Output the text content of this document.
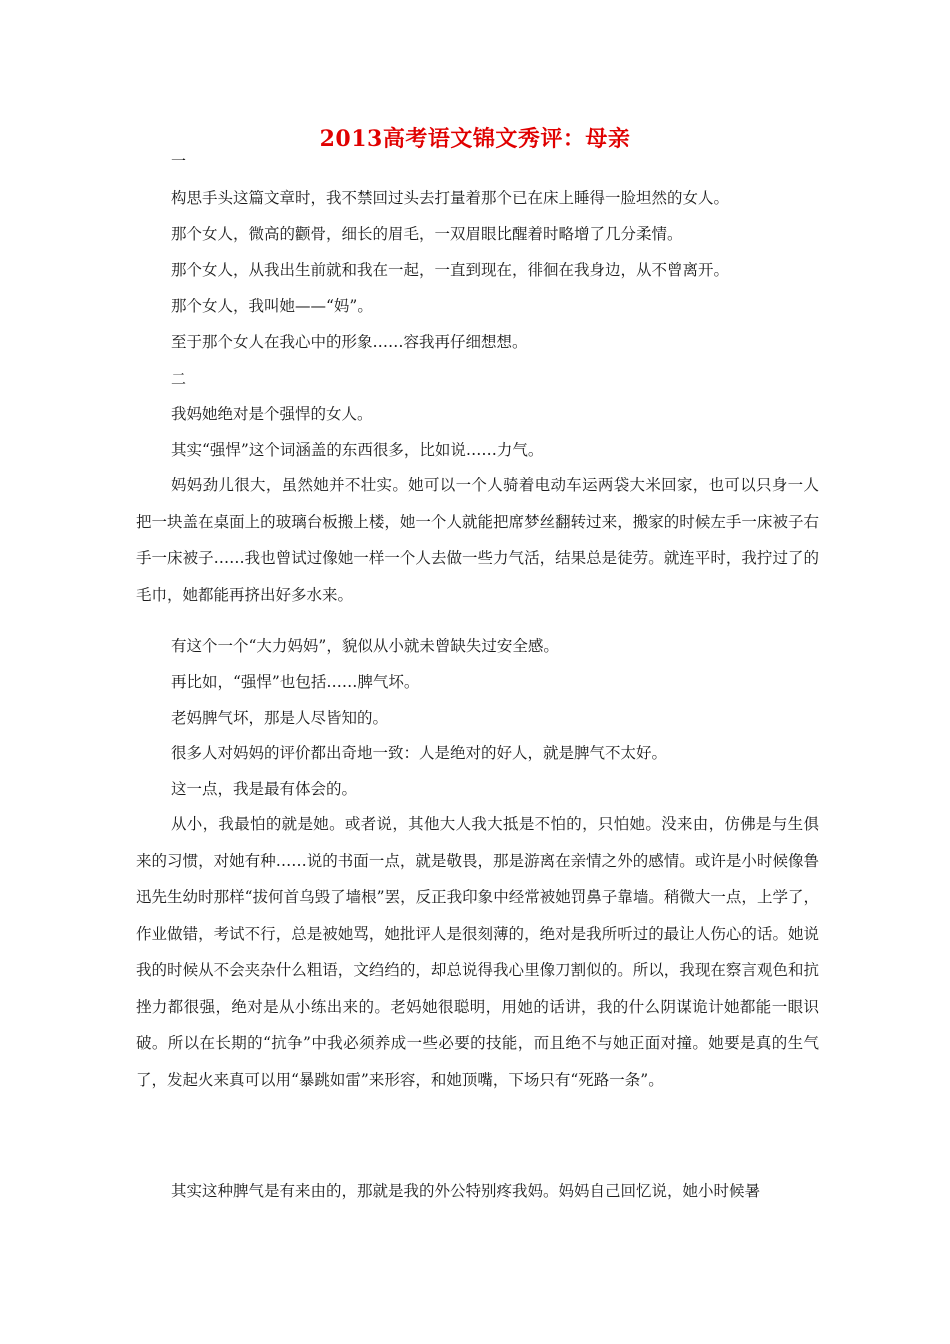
2013高考语文锦文秀评：母亲
一

构思手头这篇文章时，我不禁回过头去打量着那个已在床上睡得一脸坦然的女人。

那个女人，微高的颧骨，细长的眉毛，一双眉眼比醒着时略增了几分柔情。

那个女人，从我出生前就和我在一起，一直到现在，徘徊在我身边，从不曾离开。

那个女人，我叫她——“妈”。

至于那个女人在我心中的形象……容我再仔细想想。

二

我妈她绝对是个强悍的女人。

其实“强悍”这个词涵盖的东西很多，比如说……力气。

妈妈劲儿很大，虽然她并不壮实。她可以一个人骑着电动车运两袋大米回家，也可以只身一人把一块盖在桌面上的玻璃台板搬上楼，她一个人就能把席梦丝翻转过来，搬家的时候左手一床被子右手一床被子……我也曾试过像她一样一个人去做一些力气活，结果总是徒劳。就连平时，我拧过了的毛巾，她都能再挤出好多水来。

有这个一个“大力妈妈”，貌似从小就未曾缺失过安全感。

再比如，“强悍”也包括……脾气坏。

老妈脾气坏，那是人尽皆知的。

很多人对妈妈的评价都出奇地一致：人是绝对的好人，就是脾气不太好。

这一点，我是最有体会的。

从小，我最怕的就是她。或者说，其他大人我大抵是不怕的，只怕她。没来由，仿佛是与生俱来的习惯，对她有种……说的书面一点，就是敬畏，那是游离在亲情之外的感情。或许是小时候像鲁迅先生幼时那样“拔何首乌毁了墙根”罢，反正我印象中经常被她罚鼻子靠墙。稍微大一点，上学了，作业做错，考试不行，总是被她骂，她批评人是很刻薄的，绝对是我所听过的最让人伤心的话。她说我的时候从不会夹杂什么粗语，文绉绉的，却总说得我心里像刀割似的。所以，我现在察言观色和抗挫力都很强，绝对是从小练出来的。老妈她很聪明，用她的话讲，我的什么阴谋诡计她都能一眼识破。所以在长期的“抗争”中我必须养成一些必要的技能，而且绝不与她正面对撞。她要是真的生气了，发起火来真可以用“暴跳如雷”来形容，和她顶嘴，下场只有“死路一条”。

其实这种脾气是有来由的，那就是我的外公特别疼我妈。妈妈自己回忆说，她小时候暑
